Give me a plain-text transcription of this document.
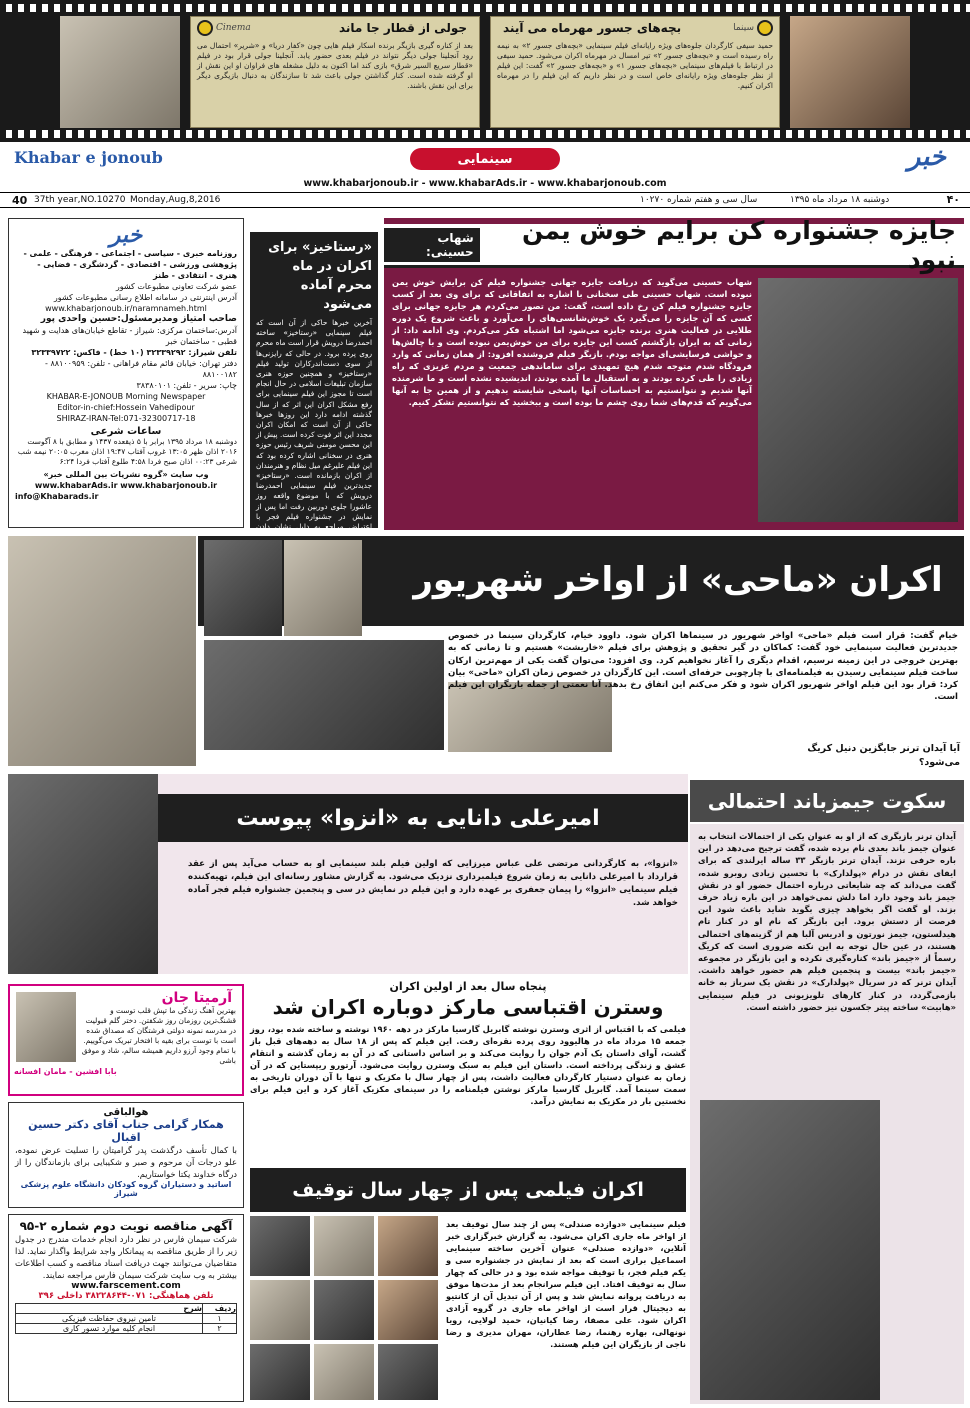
جولی از قطار جا ماند
Cinema

بعد از کناره گیری بازیگر برنده اسکار فیلم هایی چون «کفار دریا» و «شریر» احتمال می رود آنجلینا جولی دیگر نتواند در فیلم بعدی حضور یابد. آنجلینا جولی قرار بود در فیلم «قطار سریع السیر شرق» بازی کند اما اکنون به دلیل مشغله های فراوان او این نقش از او گرفته شده است. کنار گذاشتن جولی باعث شد تا سازندگان به دنبال بازیگری دیگر برای این نقش باشند.

سینما
بچه‌های جسور مهرماه می آیند

حمید سیفی کارگردان جلوه‌های ویژه رایانه‌ای فیلم سینمایی «بچه‌های جسور ۲» به نیمه راه رسیده است و «بچه‌های جسور ۲» تیر امسال در مهرماه اکران می‌شود. حمید سیفی در ارتباط با فیلم‌های سینمایی «بچه‌های جسور ۱» و «بچه‌های جسور ۲» گفت: این فیلم از نظر جلوه‌های ویژه رایانه‌ای خاص است و در نظر داریم که این فیلم را در مهرماه اکران کنیم.

Khabar e jonoub	خبر
سینمایی
www.khabarjonoub.ir - www.khabarAds.ir - www.khabarjonoub.com
40 37th year,NO.10270 Monday,Aug,8,2016	سال سی و هفتم شماره ۱۰۲۷۰	دوشنبه ۱۸ مرداد ماه ۱۳۹۵	۴۰
خبر

روزنامه خبری - سیاسی - اجتماعی - فرهنگی - علمی - پژوهشی ورزشی - اقتصادی - گردشگری - فضایی - هنری - انتقادی - طنز

عضو شرکت تعاونی مطبوعات کشور

آدرس اینترنتی در سامانه اطلاع رسانی مطبوعات کشور

www.khabarjonoub.ir/naramnameh.html

صاحب امتیاز ومدیرمسئول:حسین واحدی پور

آدرس:ساختمان مرکزی: شیراز - تقاطع خیابان‌های هدایت و شهید قطبی - ساختمان خبر

تلفن شیراز: ۳۲۳۳۹۲۹۲ (۱۰ خط) - فاکس: ۳۲۳۳۹۷۲۲

دفتر تهران: خیابان قائم مقام فراهانی - تلفن: ۸۸۱۰۰۹۵۹ - ۸۸۱۰۰۱۸۲

چاپ: سریر - تلفن: ۳۸۳۸۰۱۰۱

KHABAR-E-JONOUB Morning Newspaper

Editor-in-chief:Hossein Vahedipour

SHIRAZ-IRAN-Tel:071-32300717-18

ساعات شرعی

دوشنبه ۱۸ مرداد ۱۳۹۵ برابر با ۵ ذیقعده ۱۴۳۷ و مطابق با ۸ آگوست ۲۰۱۶ اذان ظهر ۱۳:۰۵ غروب آفتاب ۱۹:۴۷ اذان مغرب ۲۰:۰۵ نیمه شب شرعی ۰۰:۲۳ اذان صبح فردا ۴:۵۸ طلوع آفتاب فردا ۶:۲۴

وب سایت «گروه نشریات بین المللی خبر»

www.khabarAds.ir www.khabarjonoub.ir

info@Khabarads.ir

«رستاخیز» برای اکران در ماه محرم آماده می‌شود

آخرین خبرها حاکی از آن است که فیلم سینمایی «رستاخیز» ساخته احمدرضا درویش قرار است ماه محرم روی پرده برود. در حالی که رایزنی‌ها از سوی دست‌اندرکاران تولید فیلم «رستاخیز» و همچنین حوزه هنری سازمان تبلیغات اسلامی در حال انجام است تا مجوز این فیلم سینمایی برای رفع مشکل اکران این اثر که از سال گذشته ادامه دارد این روزها خبرها حاکی از آن است که امکان اکران مجدد این اثر فوت کرده است. پیش از این محسن مومنی شریف رئیس حوزه هنری در سخنانی اشاره کرده بود که این فیلم علیرغم میل نظام و هنرمندان از اکران بازمانده است. «رستاخیز» جدیدترین فیلم سینمایی احمدرضا درویش که با موضوع واقعه روز عاشورا جلوی دوربین رفت اما پس از نمایش در جشنواره فیلم فجر با اعتراض مراجع به دلیل نشان دادن

جایزه جشنواره کن برایم خوش یمن نبود
شهاب حسینی:

شهاب حسینی می‌گوید که دریافت جایزه جهانی جشنواره فیلم کن برایش خوش یمن نبوده است. شهاب حسینی طی سخنانی با اشاره به اتفاقاتی که برای وی بعد از کسب جایزه جشنواره فیلم کن رخ داده است، گفت: من تصور می‌کردم هر جایزه جهانی برای کسی که آن جایزه را می‌گیرد یک خوش‌شانسی‌های را می‌آورد و باعث شروع یک دوره طلایی در فعالیت هنری برنده جایزه می‌شود اما اشتباه فکر می‌کردم. وی ادامه داد: از زمانی که به ایران بازگشتم کسب این جایزه برای من خوش‌یمن نبوده است و با چالش‌ها و حواشی فرسایشی‌ای مواجه بودم. بازیگر فیلم فروشنده افزود: از همان زمانی که وارد فرودگاه شدم متوجه شدم هیچ تمهیدی برای ساماندهی جمعیت و مردم عزیزی که راه زیادی را طی کرده بودند و به استقبال ما آمده بودند، اندیشیده نشده است و ما شرمنده آنها شدیم و نتوانستیم به احساسات آنها پاسخی شایسته بدهیم و از همین جا به آنها می‌گویم که قدم‌های شما روی چشم ما بوده است و ببخشید که نتوانستیم تشکر کنیم.

اکران «ماحی» از اواخر شهریور

خیام گفت: قرار است فیلم «ماحی» اواخر شهریور در سینماها اکران شود. داوود خیام، کارگردان سینما در خصوص جدیدترین فعالیت سینمایی خود گفت: کماکان در گیر تحقیق و پژوهش برای فیلم «خاریشت» هستیم و تا زمانی که به بهترین خروجی در این زمینه نرسیم، اقدام دیگری را آغاز نخواهیم کرد. وی افزود: می‌توان گفت یکی از مهم‌ترین ارکان ساخت فیلم سینمایی رسیدن به فیلمنامه‌ای با چارچوبی حرفه‌ای است. این کارگردان در خصوص زمان اکران «ماحی» بیان کرد: قرار بود این فیلم اواخر شهریور اکران شود و فکر می‌کنم این اتفاق رخ بدهد. آنا نعمتی از جمله بازیگران این فیلم است.

آیا آیدان ترنر جایگزین دنیل کریگ می‌شود؟

سکوت جیمزباند احتمالی
امیرعلی دانایی به «انزوا» پیوست

«انزوا»، به کارگردانی مرتضی علی عباس میرزایی که اولین فیلم بلند سینمایی او به حساب می‌آید پس از عقد قرارداد با امیرعلی دانایی به زمان شروع فیلمبرداری نزدیک می‌شود. به گزارش مشاور رسانه‌ای این فیلم، تهیه‌کننده فیلم سینمایی «انزوا» را پیمان جعفری بر عهده دارد و این فیلم در نمایش در سی و پنجمین جشنواره فیلم فجر آماده خواهد شد.

آیدان ترنر بازیگری که از او به عنوان یکی از احتمالات انتخاب به عنوان جیمز باند بعدی نام برده شده، گفت ترجیح می‌دهد در این باره حرفی نزند. آیدان ترنر بازیگر ۳۳ ساله ایرلندی که برای ایفای نقش در درام «پولدارک» با تحسین زیادی روبرو شده، گفت می‌داند که چه شایعاتی درباره احتمال حضور او در نقش جیمز باند وجود دارد اما دلش نمی‌خواهد در این باره زیاد حرف بزند. او گفت اگر بخواهد چیزی بگوید شاید باعث شود این فرصت از دستش برود. این بازیگر که نام او در کنار تام هیدلستون، جیمز نورتون و ادریس آلبا هم از گزینه‌های احتمالی هستند، در عین حال توجه به این نکته ضروری است که کریگ رسماً از «جیمز باند» کناره‌گیری نکرده و این بازیگر در مجموعه «جیمز باند» بیست و پنجمین فیلم هم حضور خواهد داشت. آیدان ترنر که در سریال «پولدارک» در نقش یک سرباز به خانه بازمی‌گردد، در کنار کارهای تلویزیونی در فیلم سینمایی «هابیت» ساخته پیتر جکسون نیز حضور داشته است.

آرمیتا جان

بهترین آهنگ زندگی ما تپش قلب توست و قشنگ‌ترین روزمان روز شکفتن. دختر گلم قبولیت در مدرسه نمونه دولتی فرشتگان که مصداق شده است با توست برای بقیه با افتخار تبریک می‌گوییم. با تمام وجود آرزو داریم همیشه سالم، شاد و موفق باشی

بابا افشین - مامان افسانه

هوالباقی
همکار گرامی جناب آقای دکتر حسین اقبال

با کمال تأسف درگذشت پدر گرامیتان را تسلیت عرض نموده، علو درجات آن مرحوم و صبر و شکیبایی برای بازماندگان را از درگاه خداوند یکتا خواستاریم.

اساتید و دستیاران گروه کودکان دانشگاه علوم پزشکی شیراز

آگهی مناقصه نوبت دوم شماره ۲-۹۵

شرکت سیمان فارس در نظر دارد انجام خدمات مندرج در جدول زیر را از طریق مناقصه به پیمانکار واجد شرایط واگذار نماید. لذا متقاضیان می‌توانند جهت دریافت اسناد مناقصه و کسب اطلاعات بیشتر به وب سایت شرکت سیمان فارس مراجعه نمایند.

www.farscement.com

تلفن هماهنگی: ۰۷۱-۳۸۲۲۸۶۴۴ داخلی ۳۹۶

ردیف	شرح
۱	تامین نیروی حفاظت فیزیکی
۲	انجام کلیه موارد تسور کاری
پنجاه سال بعد از اولین اکران
وسترن اقتباسی مارکز دوباره اکران شد

فیلمی که با اقتباس از اثری وسترن نوشته گابریل گارسیا مارکز در دهه ۱۹۶۰ نوشته و ساخته شده بود، روز جمعه ۱۵ مرداد ماه در هالیوود روی پرده نقره‌ای رفت. این فیلم که پس از ۱۸ سال به دهه‌های قبل باز گشت، آوای داستان یک آدم جوان را روایت می‌کند و بر اساس داستانی که در آن به زمان گذشته و انتقام عشق و زندگی پرداخته است. داستان این فیلم به سبک وسترن روایت می‌شود. آرتورو ریپستاین که در آن زمان به عنوان دستیار کارگردان فعالیت داشت، پس از چهار سال با مکزیک و تنها با آن دوران تاریخی به سمت سینما آمد. گابریل گارسیا مارکز نوشتن فیلمنامه را در سینمای مکزیک آغاز کرد و این فیلم برای نخستین بار در مکزیک به نمایش درآمد.

اکران فیلمی پس از چهار سال توقیف

فیلم سینمایی «دوازده صندلی» پس از چند سال توقیف بعد از اواخر ماه جاری اکران می‌شود. به گزارش خبرگزاری خبر آنلاین، «دوازده صندلی» عنوان آخرین ساخته سینمایی اسماعیل براری است که بعد از نمایش در جشنواره سی و یکم فیلم فجر، با توقیف مواجه شده بود و در حالی که چهار سال به توقیف افتاد. این فیلم سرانجام بعد از مدت‌ها موفق به دریافت پروانه نمایش شد و پس از آن تبدیل آن از کانتیو به دیجیتال قرار است از اواخر ماه جاری در گروه آزادی اکران شود. علی مصفا، رضا کیانیان، حمید لولایی، رویا نونهالی، بهاره رهنما، رضا عطاران، مهران مدیری و رضا ناجی از بازیگران این فیلم هستند.
